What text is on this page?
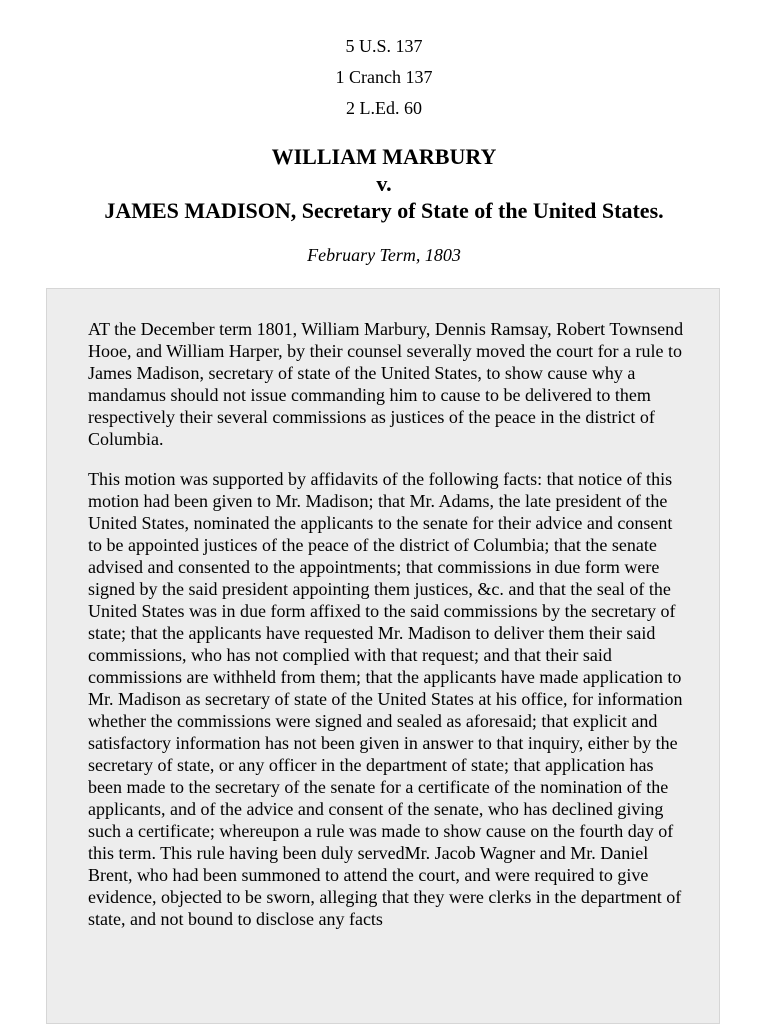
5 U.S. 137
1 Cranch 137
2 L.Ed. 60
WILLIAM MARBURY
v.
JAMES MADISON, Secretary of State of the United States.
February Term, 1803

AT the December term 1801, William Marbury, Dennis Ramsay, Robert Townsend Hooe, and William Harper, by their counsel severally moved the court for a rule to James Madison, secretary of state of the United States, to show cause why a mandamus should not issue commanding him to cause to be delivered to them respectively their several commissions as justices of the peace in the district of Columbia.

This motion was supported by affidavits of the following facts: that notice of this motion had been given to Mr. Madison; that Mr. Adams, the late president of the United States, nominated the applicants to the senate for their advice and consent to be appointed justices of the peace of the district of Columbia; that the senate advised and consented to the appointments; that commissions in due form were signed by the said president appointing them justices, &c. and that the seal of the United States was in due form affixed to the said commissions by the secretary of state; that the applicants have requested Mr. Madison to deliver them their said commissions, who has not complied with that request; and that their said commissions are withheld from them; that the applicants have made application to Mr. Madison as secretary of state of the United States at his office, for information whether the commissions were signed and sealed as aforesaid; that explicit and satisfactory information has not been given in answer to that inquiry, either by the secretary of state, or any officer in the department of state; that application has been made to the secretary of the senate for a certificate of the nomination of the applicants, and of the advice and consent of the senate, who has declined giving such a certificate; whereupon a rule was made to show cause on the fourth day of this term. This rule having been duly servedMr. Jacob Wagner and Mr. Daniel Brent, who had been summoned to attend the court, and were required to give evidence, objected to be sworn, alleging that they were clerks in the department of state, and not bound to disclose any facts
